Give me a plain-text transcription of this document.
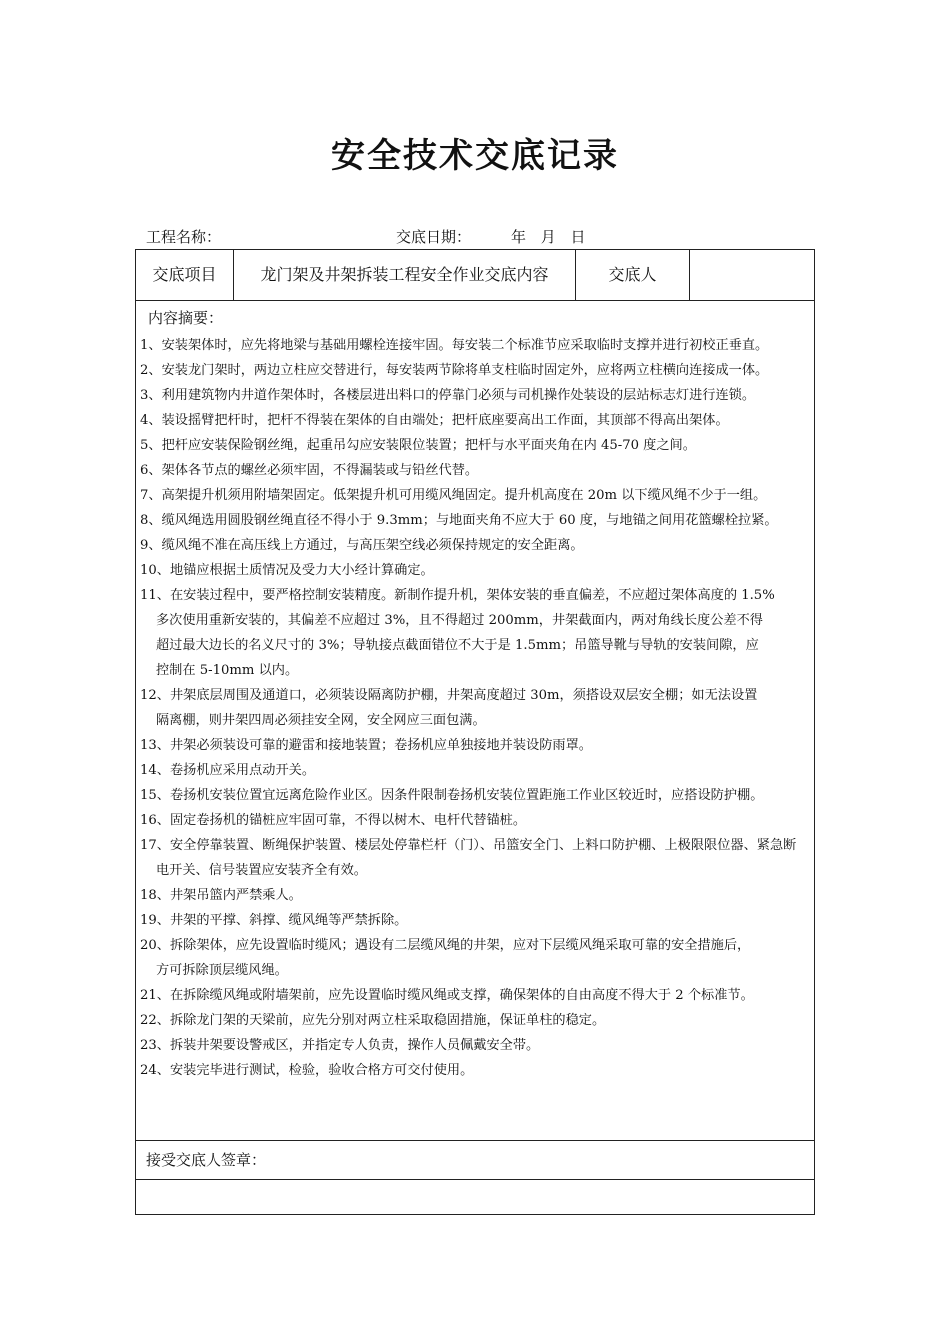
安全技术交底记录
工程名称：	交底日期：	年 月 日
交底项目	龙门架及井架拆装工程安全作业交底内容	交底人
内容摘要：
1、安装架体时，应先将地梁与基础用螺栓连接牢固。每安装二个标准节应采取临时支撑并进行初校正垂直。
2、安装龙门架时，两边立柱应交替进行，每安装两节除将单支柱临时固定外，应将两立柱横向连接成一体。
3、利用建筑物内井道作架体时，各楼层进出料口的停靠门必须与司机操作处装设的层站标志灯进行连锁。
4、装设摇臂把杆时，把杆不得装在架体的自由端处；把杆底座要高出工作面，其顶部不得高出架体。
5、把杆应安装保险钢丝绳，起重吊勾应安装限位装置；把杆与水平面夹角在内 45-70 度之间。
6、架体各节点的螺丝必须牢固，不得漏装或与铅丝代替。
7、高架提升机须用附墙架固定。低架提升机可用缆风绳固定。提升机高度在 20m 以下缆风绳不少于一组。
8、缆风绳选用圆股钢丝绳直径不得小于 9.3mm；与地面夹角不应大于 60 度，与地锚之间用花篮螺栓拉紧。
9、缆风绳不准在高压线上方通过，与高压架空线必须保持规定的安全距离。
10、地锚应根据土质情况及受力大小经计算确定。
11、在安装过程中，要严格控制安装精度。新制作提升机，架体安装的垂直偏差，不应超过架体高度的 1.5%
多次使用重新安装的，其偏差不应超过 3%，且不得超过 200mm，井架截面内，两对角线长度公差不得
超过最大边长的名义尺寸的 3%；导轨接点截面错位不大于是 1.5mm；吊篮导靴与导轨的安装间隙，应
控制在 5-10mm 以内。
12、井架底层周围及通道口，必须装设隔离防护棚，井架高度超过 30m，须搭设双层安全棚；如无法设置
隔离棚，则井架四周必须挂安全网，安全网应三面包满。
13、井架必须装设可靠的避雷和接地装置；卷扬机应单独接地并装设防雨罩。
14、卷扬机应采用点动开关。
15、卷扬机安装位置宜远离危险作业区。因条件限制卷扬机安装位置距施工作业区较近时，应搭设防护棚。
16、固定卷扬机的锚桩应牢固可靠，不得以树木、电杆代替锚桩。
17、安全停靠装置、断绳保护装置、楼层处停靠栏杆（门）、吊篮安全门、上料口防护棚、上极限限位器、紧急断
电开关、信号装置应安装齐全有效。
18、井架吊篮内严禁乘人。
19、井架的平撑、斜撑、缆风绳等严禁拆除。
20、拆除架体，应先设置临时缆风；遇设有二层缆风绳的井架，应对下层缆风绳采取可靠的安全措施后，
方可拆除顶层缆风绳。
21、在拆除缆风绳或附墙架前，应先设置临时缆风绳或支撑，确保架体的自由高度不得大于 2 个标准节。
22、拆除龙门架的天梁前，应先分别对两立柱采取稳固措施，保证单柱的稳定。
23、拆装井架要设警戒区，并指定专人负责，操作人员佩戴安全带。
24、安装完毕进行测试，检验，验收合格方可交付使用。
接受交底人签章：
